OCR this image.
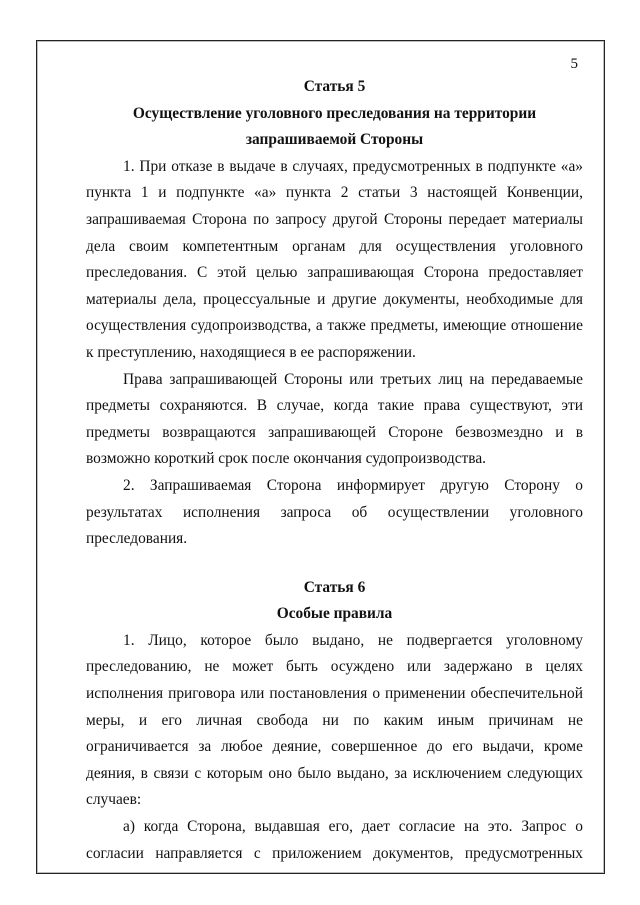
5

Статья 5

Осуществление уголовного преследования на территории

запрашиваемой Стороны

1. При отказе в выдаче в случаях, предусмотренных в подпункте «а» пункта 1 и подпункте «а» пункта 2 статьи 3 настоящей Конвенции, запрашиваемая Сторона по запросу другой Стороны передает материалы дела своим компетентным органам для осуществления уголовного преследования. С этой целью запрашивающая Сторона предоставляет материалы дела, процессуальные и другие документы, необходимые для осуществления судопроизводства, а также предметы, имеющие отношение к преступлению, находящиеся в ее распоряжении.

Права запрашивающей Стороны или третьих лиц на передаваемые предметы сохраняются. В случае, когда такие права существуют, эти предметы возвращаются запрашивающей Стороне безвозмездно и в возможно короткий срок после окончания судопроизводства.

2. Запрашиваемая Сторона информирует другую Сторону о результатах исполнения запроса об осуществлении уголовного преследования.

Статья 6

Особые правила

1. Лицо, которое было выдано, не подвергается уголовному преследованию, не может быть осуждено или задержано в целях исполнения приговора или постановления о применении обеспечительной меры, и его личная свобода ни по каким иным причинам не ограничивается за любое деяние, совершенное до его выдачи, кроме деяния, в связи с которым оно было выдано, за исключением следующих случаев:

а) когда Сторона, выдавшая его, дает согласие на это. Запрос о согласии направляется с приложением документов, предусмотренных
